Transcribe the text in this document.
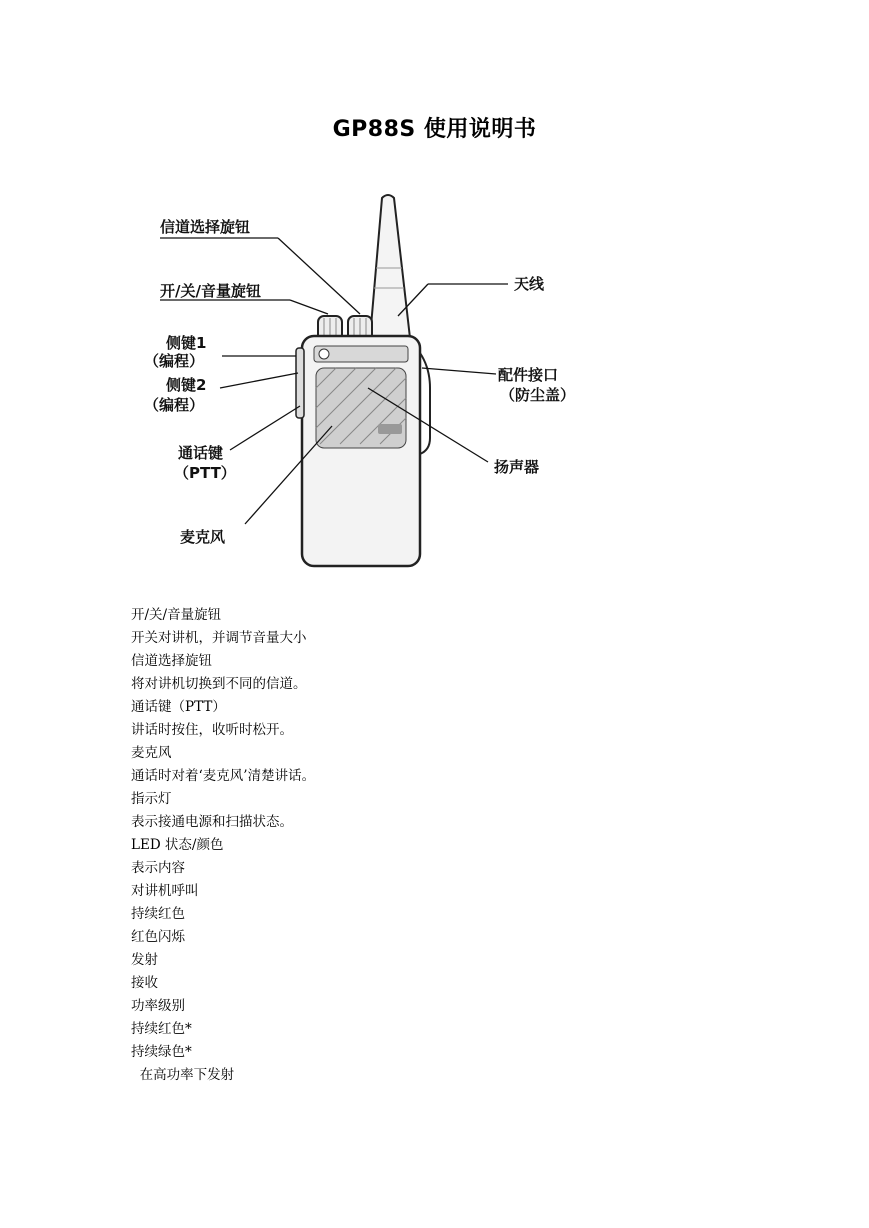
GP88S 使用说明书
信道选择旋钮
开/关/音量旋钮
侧键1
（编程）
侧键2
（编程）
通话键
（PTT）
麦克风
天线
配件接口
（防尘盖）
扬声器
开/关/音量旋钮
开关对讲机，并调节音量大小
信道选择旋钮
将对讲机切换到不同的信道。
通话键（PTT）
讲话时按住，收听时松开。
麦克风
通话时对着‘麦克风’清楚讲话。
指示灯
表示接通电源和扫描状态。
LED 状态/颜色
表示内容
对讲机呼叫
持续红色
红色闪烁
发射
接收
功率级别
持续红色*
持续绿色*
在高功率下发射
